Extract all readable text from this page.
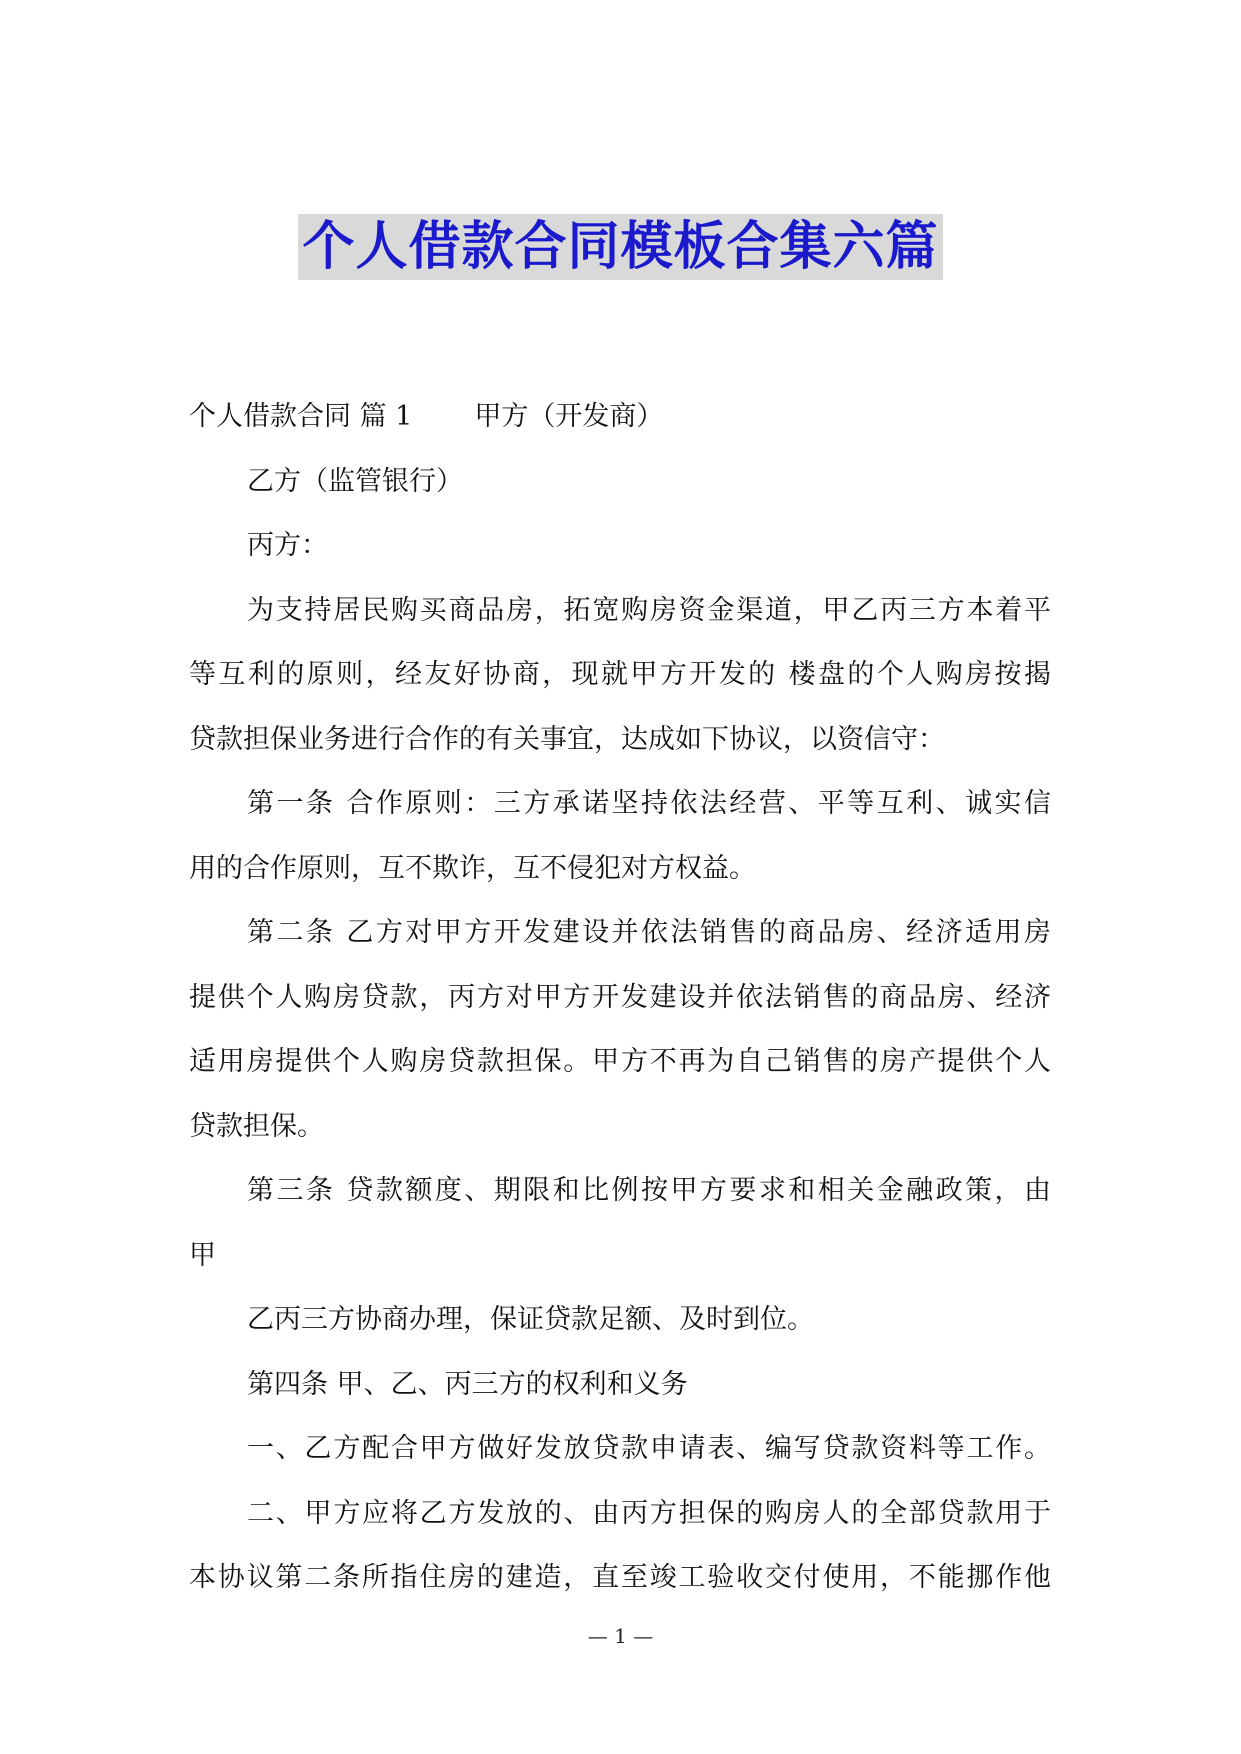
个人借款合同模板合集六篇
个人借款合同 篇 1 甲方（开发商）
乙方（监管银行）
丙方：
为支持居民购买商品房，拓宽购房资金渠道，甲乙丙三方本着平
等互利的原则，经友好协商，现就甲方开发的 楼盘的个人购房按揭
贷款担保业务进行合作的有关事宜，达成如下协议，以资信守：
第一条 合作原则：三方承诺坚持依法经营、平等互利、诚实信
用的合作原则，互不欺诈，互不侵犯对方权益。
第二条 乙方对甲方开发建设并依法销售的商品房、经济适用房
提供个人购房贷款，丙方对甲方开发建设并依法销售的商品房、经济
适用房提供个人购房贷款担保。甲方不再为自己销售的房产提供个人
贷款担保。
第三条 贷款额度、期限和比例按甲方要求和相关金融政策，由
甲
乙丙三方协商办理，保证贷款足额、及时到位。
第四条 甲、乙、丙三方的权利和义务
一、乙方配合甲方做好发放贷款申请表、编写贷款资料等工作。
二、甲方应将乙方发放的、由丙方担保的购房人的全部贷款用于
本协议第二条所指住房的建造，直至竣工验收交付使用，不能挪作他
— 1 —
